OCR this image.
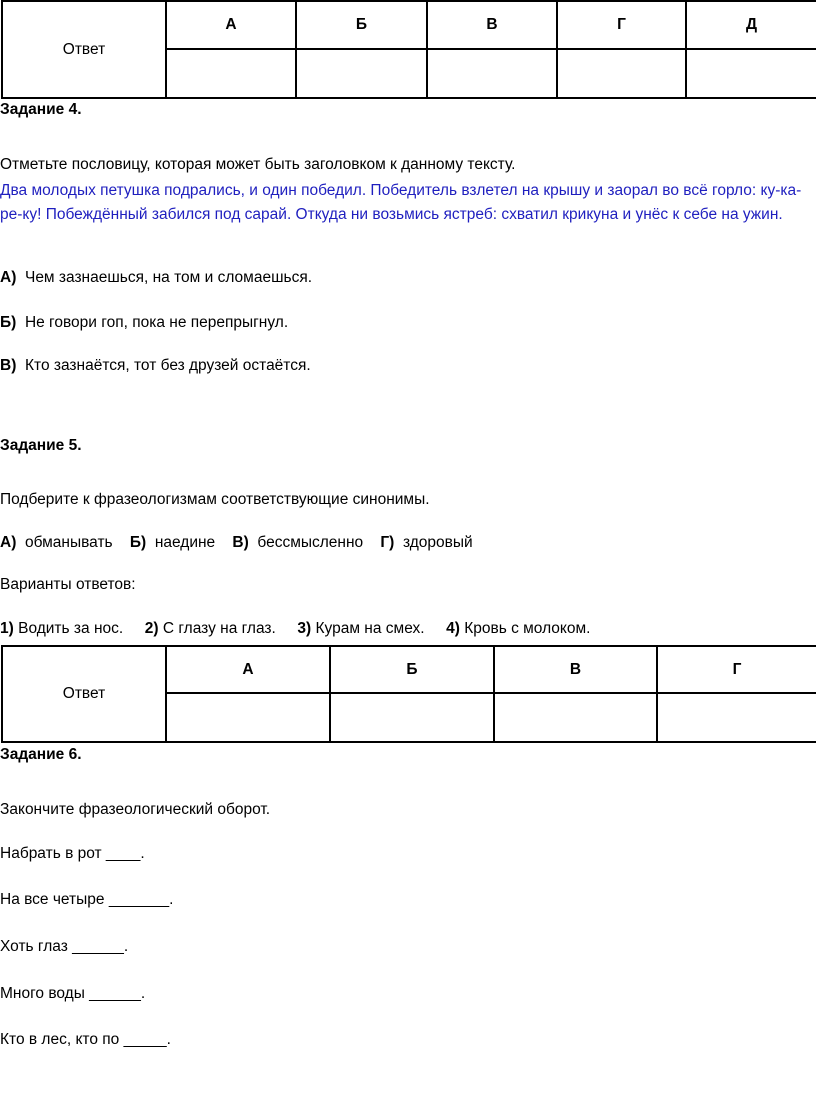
Ответ	А	Б	В	Г	Д

Задание 4.
Отметьте пословицу, которая может быть заголовком к данному тексту.
Два молодых петушка подрались, и один победил. Победитель взлетел на крышу и заорал во всё горло: ку-ка-ре-ку! Побеждённый забился под сарай. Откуда ни возьмись ястреб: схватил крикуна и унёс к себе на ужин.
А) Чем зазнаешься, на том и сломаешься.
Б) Не говори гоп, пока не перепрыгнул.
В) Кто зазнаётся, тот без друзей остаётся.
Задание 5.
Подберите к фразеологизмам соответствующие синонимы.
А) обманывать Б) наедине В) бессмысленно Г) здоровый
Варианты ответов:
1) Водить за нос. 2) С глазу на глаз. 3) Курам на смех. 4) Кровь с молоком.
Ответ	А	Б	В	Г

Задание 6.
Закончите фразеологический оборот.
Набрать в рот ____.
На все четыре _______.
Хоть глаз ______.
Много воды ______.
Кто в лес, кто по _____.
